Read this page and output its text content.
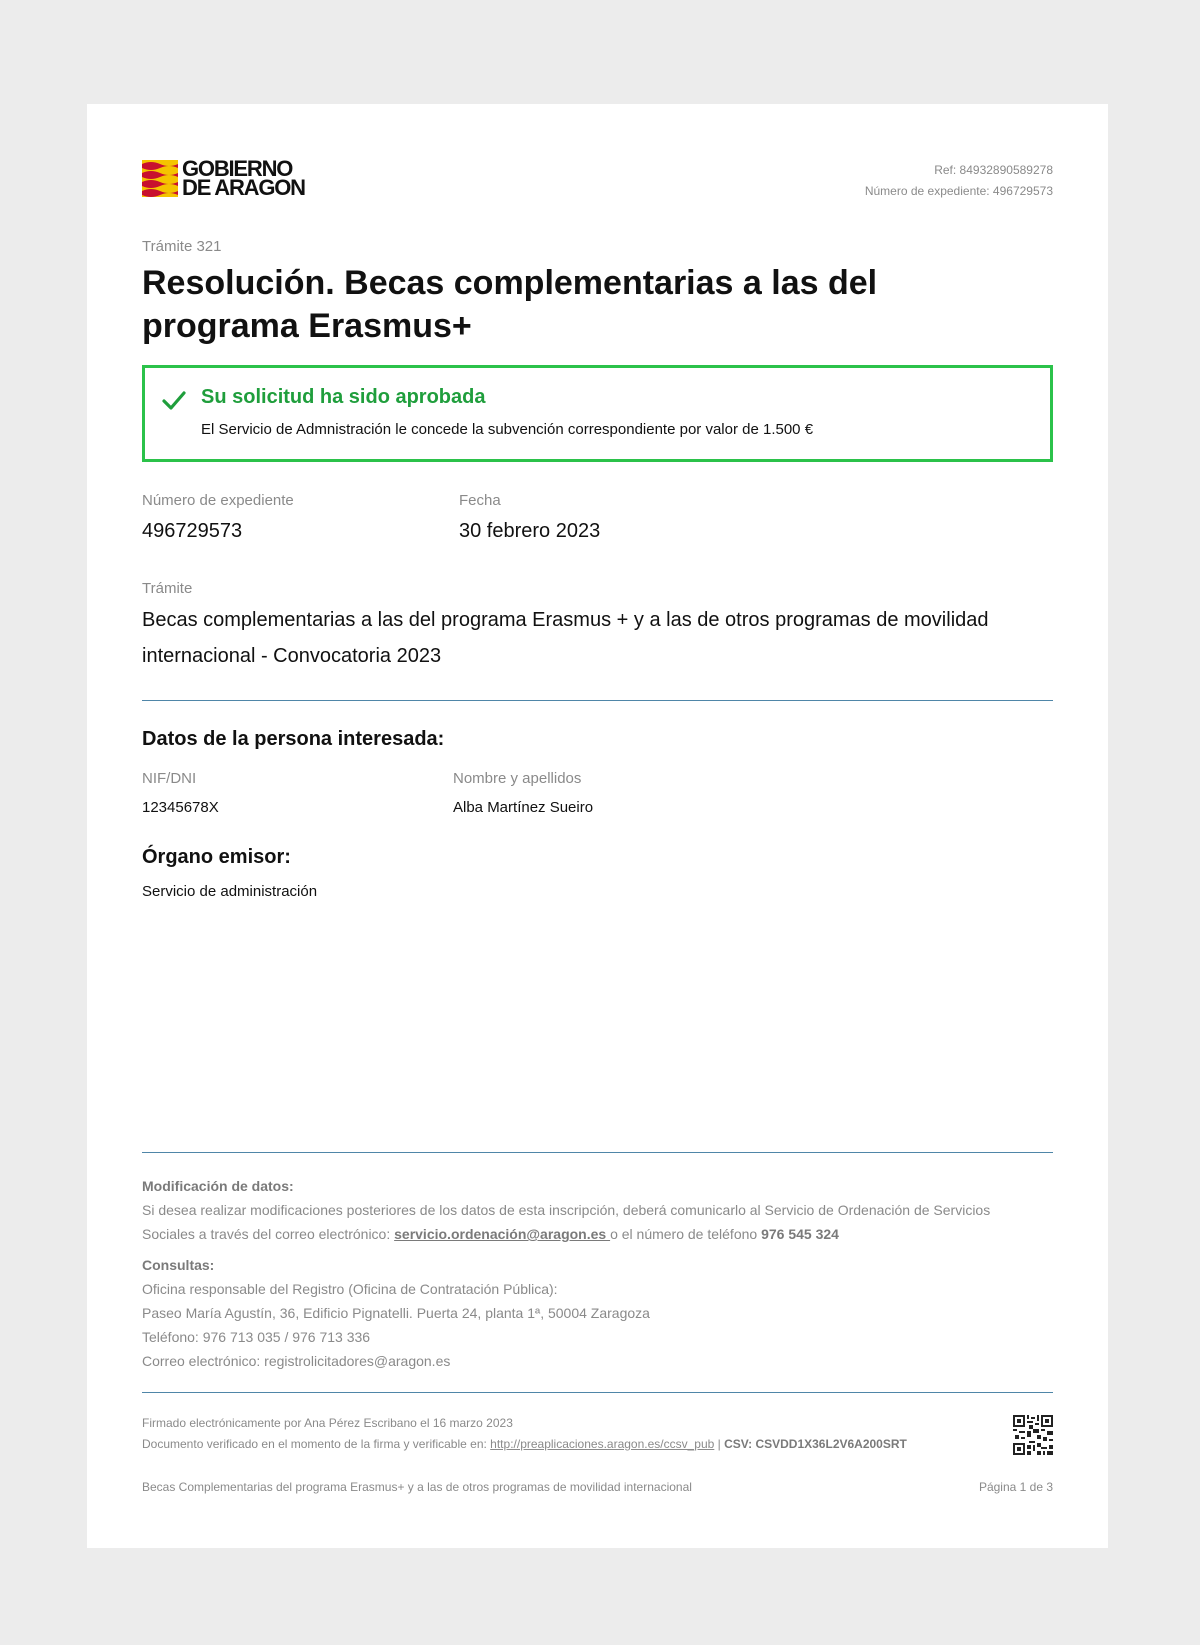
GOBIERNO
DE ARAGON
Ref: 84932890589278
Número de expediente: 496729573
Trámite 321
Resolución. Becas complementarias a las del programa Erasmus+
Su solicitud ha sido aprobada
El Servicio de Admnistración le concede la subvención correspondiente por valor de 1.500 €
Número de expediente
496729573
Fecha
30 febrero 2023
Trámite
Becas complementarias a las del programa Erasmus + y a las de otros programas de movilidad internacional - Convocatoria 2023
Datos de la persona interesada:
NIF/DNI
12345678X
Nombre y apellidos
Alba Martínez Sueiro
Órgano emisor:
Servicio de administración
Modificación de datos:
Si desea realizar modificaciones posteriores de los datos de esta inscripción, deberá comunicarlo al Servicio de Ordenación de Servicios
Sociales a través del correo electrónico: servicio.ordenación@aragon.es o el número de teléfono 976 545 324
Consultas:
Oficina responsable del Registro (Oficina de Contratación Pública):
Paseo María Agustín, 36, Edificio Pignatelli. Puerta 24, planta 1ª, 50004 Zaragoza
Teléfono: 976 713 035 / 976 713 336
Correo electrónico: registrolicitadores@aragon.es
Firmado electrónicamente por Ana Pérez Escribano el 16 marzo 2023
Documento verificado en el momento de la firma y verificable en: http://preaplicaciones.aragon.es/ccsv_pub | CSV: CSVDD1X36L2V6A200SRT
Becas Complementarias del programa Erasmus+ y a las de otros programas de movilidad internacional	Página 1 de 3
